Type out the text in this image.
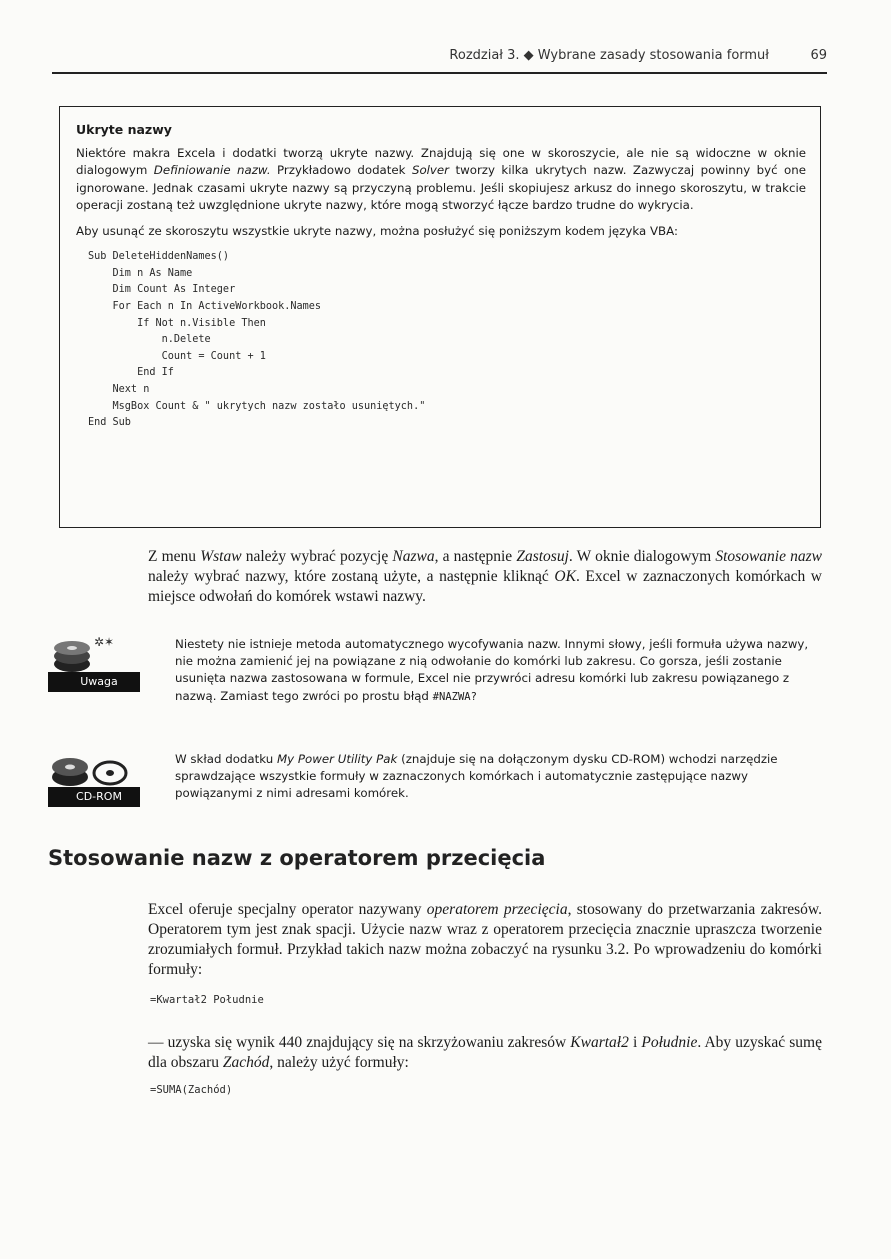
Rozdział 3. ◆ Wybrane zasady stosowania formuł	69
Ukryte nazwy

Niektóre makra Excela i dodatki tworzą ukryte nazwy. Znajdują się one w skoroszycie, ale nie są widoczne w oknie dialogowym Definiowanie nazw. Przykładowo dodatek Solver tworzy kilka ukrytych nazw. Zazwyczaj powinny być one ignorowane. Jednak czasami ukryte nazwy są przyczyną problemu. Jeśli skopiujesz arkusz do innego skoroszytu, w trakcie operacji zostaną też uwzględnione ukryte nazwy, które mogą stworzyć łącze bardzo trudne do wykrycia.

Aby usunąć ze skoroszytu wszystkie ukryte nazwy, można posłużyć się poniższym kodem języka VBA:

Sub DeleteHiddenNames()
Dim n As Name
Dim Count As Integer
For Each n In ActiveWorkbook.Names
If Not n.Visible Then
n.Delete
Count = Count + 1
End If
Next n
MsgBox Count & " ukrytych nazw zostało usuniętych."
End Sub

Z menu Wstaw należy wybrać pozycję Nazwa, a następnie Zastosuj. W oknie dialogowym Stosowanie nazw należy wybrać nazwy, które zostaną użyte, a następnie kliknąć OK. Excel w zaznaczonych komórkach w miejsce odwołań do komórek wstawi nazwy.

✲✶
Uwaga
Niestety nie istnieje metoda automatycznego wycofywania nazw. Innymi słowy, jeśli formuła używa nazwy, nie można zamienić jej na powiązane z nią odwołanie do komórki lub zakresu. Co gorsza, jeśli zostanie usunięta nazwa zastosowana w formule, Excel nie przywróci adresu komórki lub zakresu powiązanego z nazwą. Zamiast tego zwróci po prostu błąd #NAZWA?
CD-ROM
W skład dodatku My Power Utility Pak (znajduje się na dołączonym dysku CD-ROM) wchodzi narzędzie sprawdzające wszystkie formuły w zaznaczonych komórkach i automatycznie zastępujące nazwy powiązanymi z nimi adresami komórek.
Stosowanie nazw z operatorem przecięcia

Excel oferuje specjalny operator nazywany operatorem przecięcia, stosowany do przetwarzania zakresów. Operatorem tym jest znak spacji. Użycie nazw wraz z operatorem przecięcia znacznie upraszcza tworzenie zrozumiałych formuł. Przykład takich nazw można zobaczyć na rysunku 3.2. Po wprowadzeniu do komórki formuły:

=Kwartał2 Południe

— uzyska się wynik 440 znajdujący się na skrzyżowaniu zakresów Kwartał2 i Południe. Aby uzyskać sumę dla obszaru Zachód, należy użyć formuły:

=SUMA(Zachód)
